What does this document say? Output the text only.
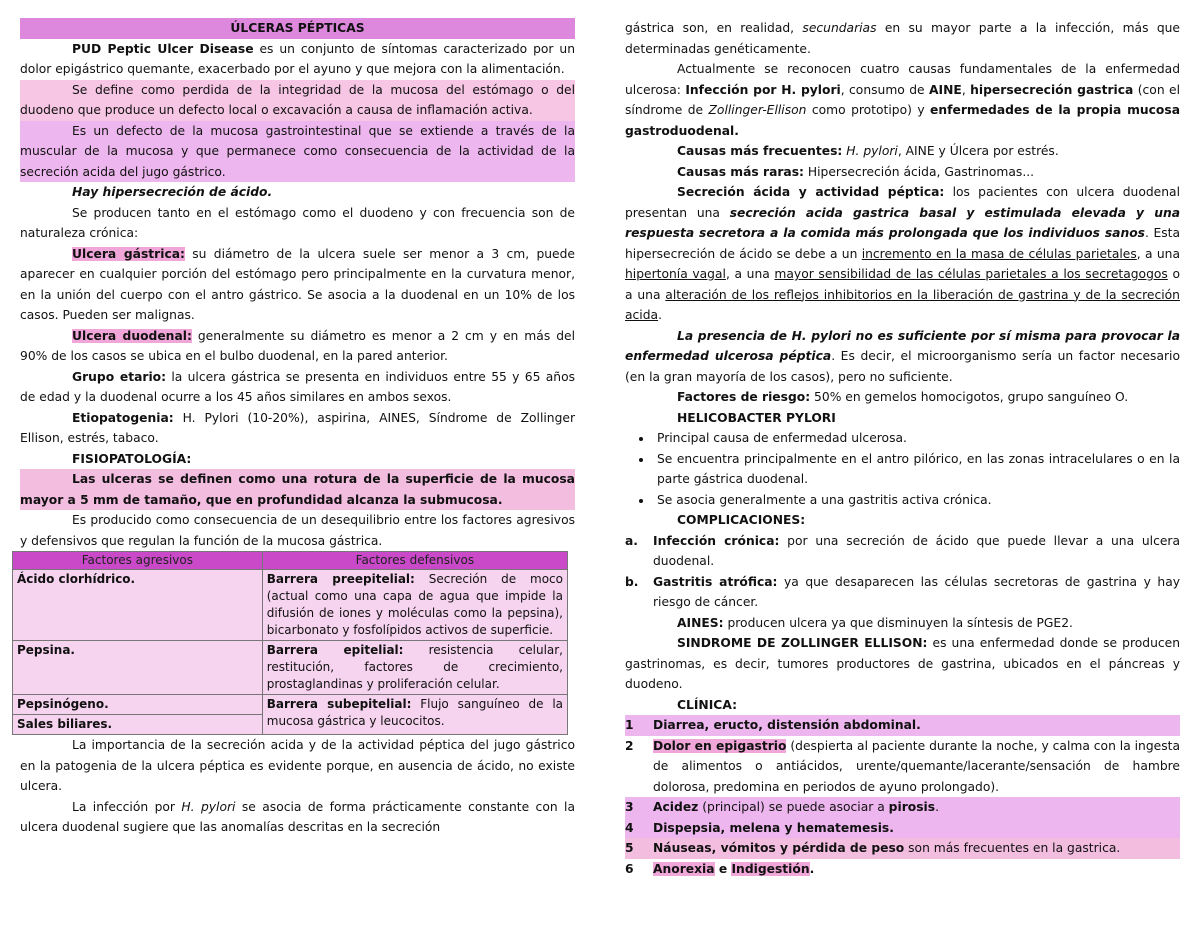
ÚLCERAS PÉPTICAS

PUD Peptic Ulcer Disease es un conjunto de síntomas caracterizado por un dolor epigástrico quemante, exacerbado por el ayuno y que mejora con la alimentación.

Se define como perdida de la integridad de la mucosa del estómago o del duodeno que produce un defecto local o excavación a causa de inflamación activa.

Es un defecto de la mucosa gastrointestinal que se extiende a través de la muscular de la mucosa y que permanece como consecuencia de la actividad de la secreción acida del jugo gástrico.

Hay hipersecreción de ácido.

Se producen tanto en el estómago como el duodeno y con frecuencia son de naturaleza crónica:

Ulcera gástrica: su diámetro de la ulcera suele ser menor a 3 cm, puede aparecer en cualquier porción del estómago pero principalmente en la curvatura menor, en la unión del cuerpo con el antro gástrico. Se asocia a la duodenal en un 10% de los casos. Pueden ser malignas.

Ulcera duodenal: generalmente su diámetro es menor a 2 cm y en más del 90% de los casos se ubica en el bulbo duodenal, en la pared anterior.

Grupo etario: la ulcera gástrica se presenta en individuos entre 55 y 65 años de edad y la duodenal ocurre a los 45 años similares en ambos sexos.

Etiopatogenia: H. Pylori (10-20%), aspirina, AINES, Síndrome de Zollinger Ellison, estrés, tabaco.

FISIOPATOLOGÍA:

Las ulceras se definen como una rotura de la superficie de la mucosa mayor a 5 mm de tamaño, que en profundidad alcanza la submucosa.

Es producido como consecuencia de un desequilibrio entre los factores agresivos y defensivos que regulan la función de la mucosa gástrica.

Factores agresivos	Factores defensivos
Ácido clorhídrico.	Barrera preepitelial: Secreción de moco (actual como una capa de agua que impide la difusión de iones y moléculas como la pepsina), bicarbonato y fosfolípidos activos de superficie.
Pepsina.	Barrera epitelial: resistencia celular, restitución, factores de crecimiento, prostaglandinas y proliferación celular.
Pepsinógeno.	Barrera subepitelial: Flujo sanguíneo de la mucosa gástrica y leucocitos.
Sales biliares.	

La importancia de la secreción acida y de la actividad péptica del jugo gástrico en la patogenia de la ulcera péptica es evidente porque, en ausencia de ácido, no existe ulcera.

La infección por H. pylori se asocia de forma prácticamente constante con la ulcera duodenal sugiere que las anomalías descritas en la secreción

gástrica son, en realidad, secundarias en su mayor parte a la infección, más que determinadas genéticamente.

Actualmente se reconocen cuatro causas fundamentales de la enfermedad ulcerosa: Infección por H. pylori, consumo de AINE, hipersecreción gastrica (con el síndrome de Zollinger-Ellison como prototipo) y enfermedades de la propia mucosa gastroduodenal.

Causas más frecuentes: H. pylori, AINE y Úlcera por estrés.

Causas más raras: Hipersecreción ácida, Gastrinomas...

Secreción ácida y actividad péptica: los pacientes con ulcera duodenal presentan una secreción acida gastrica basal y estimulada elevada y una respuesta secretora a la comida más prolongada que los individuos sanos. Esta hipersecreción de ácido se debe a un incremento en la masa de células parietales, a una hipertonía vagal, a una mayor sensibilidad de las células parietales a los secretagogos o a una alteración de los reflejos inhibitorios en la liberación de gastrina y de la secreción acida.

La presencia de H. pylori no es suficiente por sí misma para provocar la enfermedad ulcerosa péptica. Es decir, el microorganismo sería un factor necesario (en la gran mayoría de los casos), pero no suficiente.

Factores de riesgo: 50% en gemelos homocigotos, grupo sanguíneo O.

HELICOBACTER PYLORI

• Principal causa de enfermedad ulcerosa.
• Se encuentra principalmente en el antro pilórico, en las zonas intracelulares o en la parte gástrica duodenal.
• Se asocia generalmente a una gastritis activa crónica.

COMPLICACIONES:

a. Infección crónica: por una secreción de ácido que puede llevar a una ulcera duodenal.
b. Gastritis atrófica: ya que desaparecen las células secretoras de gastrina y hay riesgo de cáncer.

AINES: producen ulcera ya que disminuyen la síntesis de PGE2.

SINDROME DE ZOLLINGER ELLISON: es una enfermedad donde se producen gastrinomas, es decir, tumores productores de gastrina, ubicados en el páncreas y duodeno.

CLÍNICA:

1 Diarrea, eructo, distensión abdominal.
2 Dolor en epigastrio (despierta al paciente durante la noche, y calma con la ingesta de alimentos o antiácidos, urente/quemante/lacerante/sensación de hambre dolorosa, predomina en periodos de ayuno prolongado).
3 Acidez (principal) se puede asociar a pirosis.
4 Dispepsia, melena y hematemesis.
5 Náuseas, vómitos y pérdida de peso son más frecuentes en la gastrica.
6 Anorexia e Indigestión.
